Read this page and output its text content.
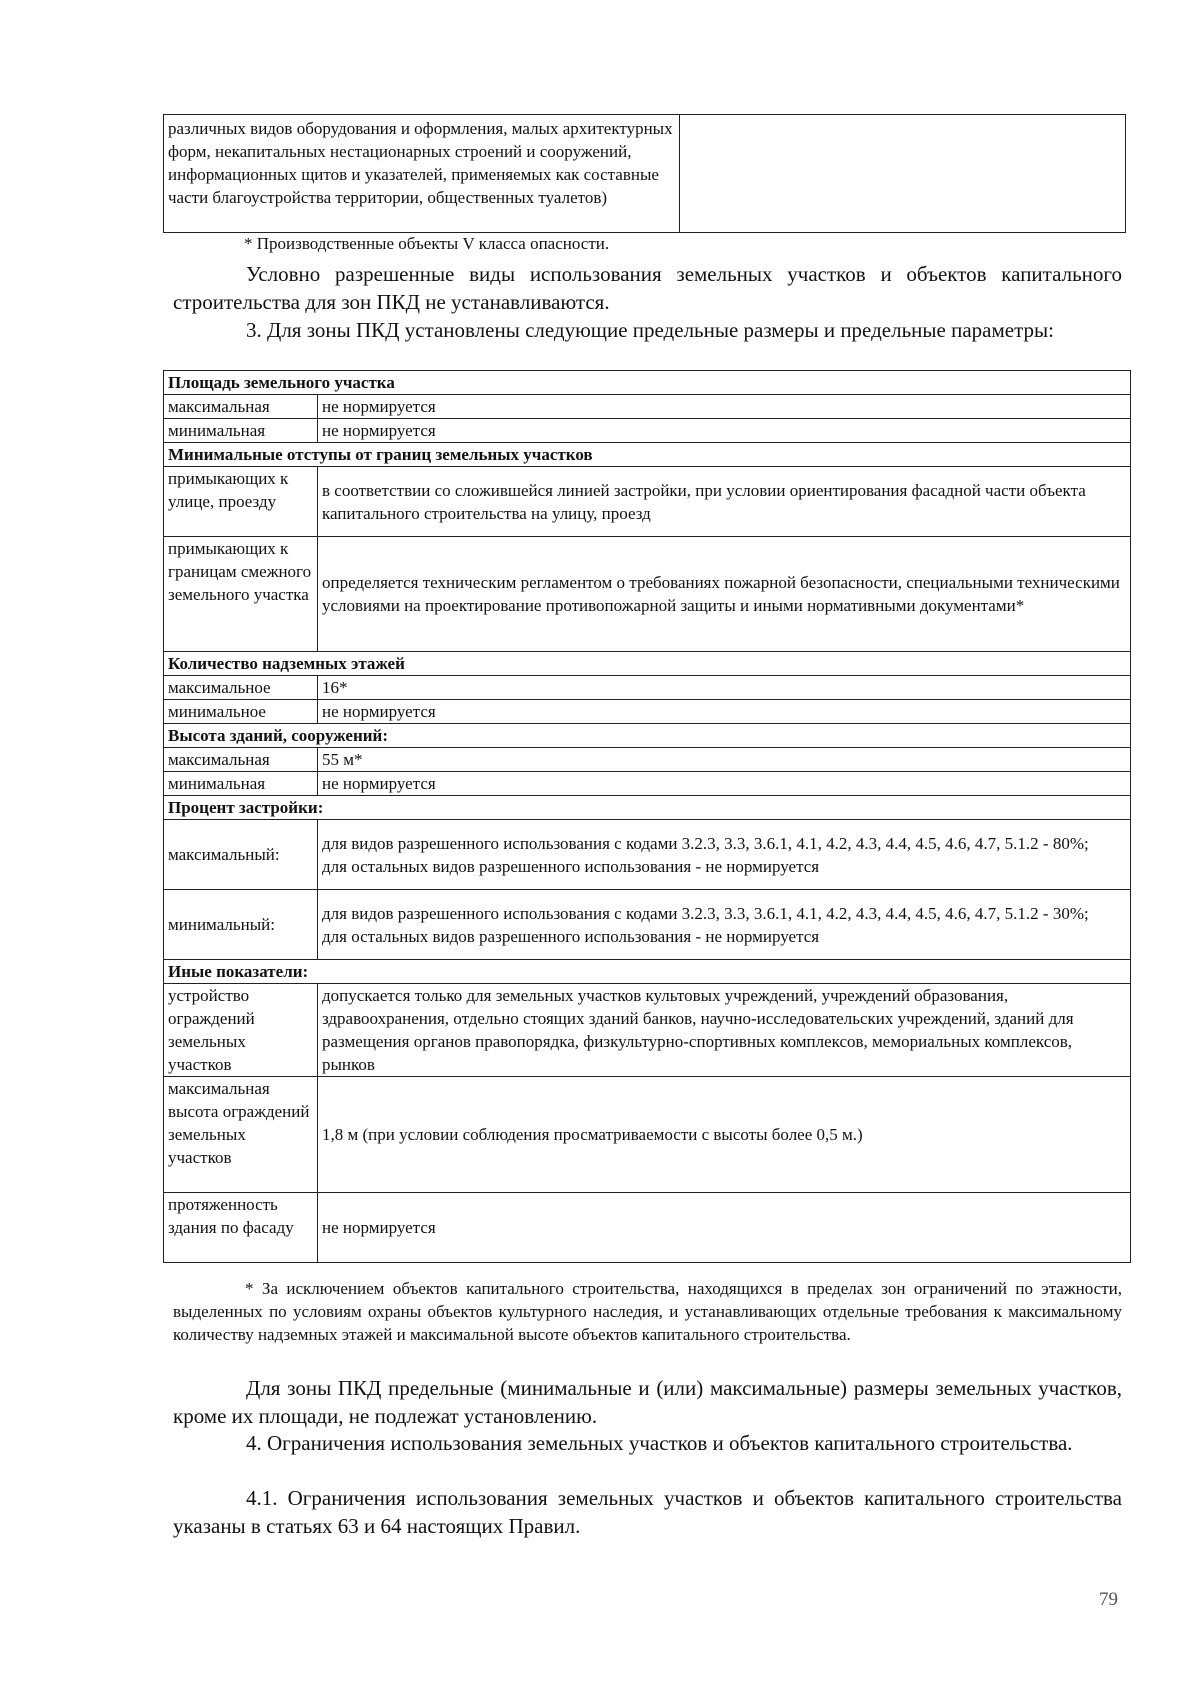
различных видов оборудования и оформления, малых архитектурных форм, некапитальных нестационарных строений и сооружений, информационных щитов и указателей, применяемых как составные части благоустройства территории, общественных туалетов)	
* Производственные объекты V класса опасности.

Условно разрешенные виды использования земельных участков и объектов капитального строительства для зон ПКД не устанавливаются.

3. Для зоны ПКД установлены следующие предельные размеры и предельные параметры:

Площадь земельного участка	
максимальная	не нормируется
минимальная	не нормируется
Минимальные отступы от границ земельных участков	
примыкающих к улице, проезду	в соответствии со сложившейся линией застройки, при условии ориентирования фасадной части объекта капитального строительства на улицу, проезд
примыкающих к границам смежного земельного участка	определяется техническим регламентом о требованиях пожарной безопасности, специальными техническими условиями на проектирование противопожарной защиты и иными нормативными документами*
Количество надземных этажей	
максимальное	16*
минимальное	не нормируется
Высота зданий, сооружений:	
максимальная	55 м*
минимальная	не нормируется
Процент застройки:	
максимальный:	для видов разрешенного использования с кодами 3.2.3, 3.3, 3.6.1, 4.1, 4.2, 4.3, 4.4, 4.5, 4.6, 4.7, 5.1.2 - 80%;
для остальных видов разрешенного использования - не нормируется

минимальный:	для видов разрешенного использования с кодами 3.2.3, 3.3, 3.6.1, 4.1, 4.2, 4.3, 4.4, 4.5, 4.6, 4.7, 5.1.2 - 30%;
для остальных видов разрешенного использования - не нормируется

Иные показатели:	
устройство ограждений земельных участков	допускается только для земельных участков культовых учреждений, учреждений образования, здравоохранения, отдельно стоящих зданий банков, научно-исследовательских учреждений, зданий для размещения органов правопорядка, физкультурно-спортивных комплексов, мемориальных комплексов, рынков
максимальная высота ограждений земельных участков	1,8 м (при условии соблюдения просматриваемости с высоты более 0,5 м.)
протяженность здания по фасаду	не нормируется

* За исключением объектов капитального строительства, находящихся в пределах зон ограничений по этажности, выделенных по условиям охраны объектов культурного наследия, и устанавливающих отдельные требования к максимальному количеству надземных этажей и максимальной высоте объектов капитального строительства.

Для зоны ПКД предельные (минимальные и (или) максимальные) размеры земельных участков, кроме их площади, не подлежат установлению.

4. Ограничения использования земельных участков и объектов капитального строительства.

4.1. Ограничения использования земельных участков и объектов капитального строительства указаны в статьях 63 и 64 настоящих Правил.

79
